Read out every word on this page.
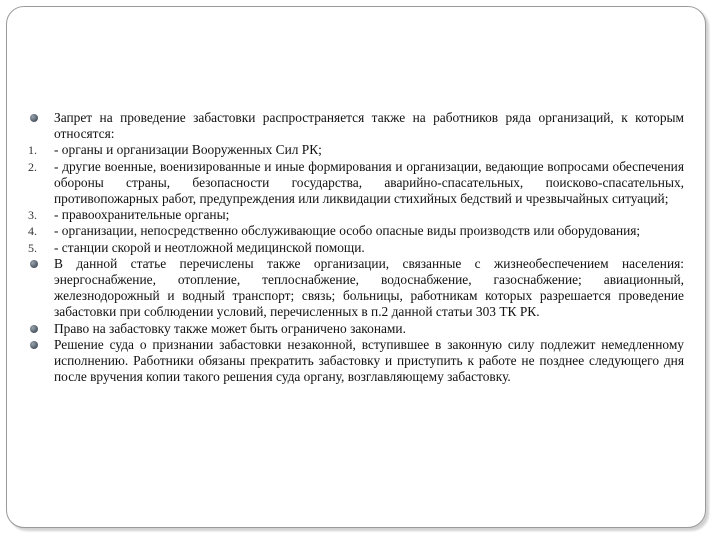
Запрет на проведение забастовки распространяется также на работников ряда организаций, к которым относятся:
1.	- органы и организации Вооруженных Сил РК;
2.	- другие военные, военизированные и иные формирования и организации, ведающие вопросами обеспечения обороны страны, безопасности государства, аварийно-спасательных, поисково-спасательных, противопожарных работ, предупреждения или ликвидации стихийных бедствий и чрезвычайных ситуаций;
3.	- правоохранительные органы;
4.	- организации, непосредственно обслуживающие особо опасные виды производств или оборудования;
5.	- станции скорой и неотложной медицинской помощи.
В данной статье перечислены также организации, связанные с жизнеобеспечением населения: энергоснабжение, отопление, теплоснабжение, водоснабжение, газоснабжение; авиационный, железнодорожный и водный транспорт; связь; больницы, работникам которых разрешается проведение забастовки при соблюдении условий, перечисленных в п.2 данной статьи 303 ТК РК.
Право на забастовку также может быть ограничено законами.
Решение суда о признании забастовки незаконной, вступившее в законную силу подлежит немедленному исполнению. Работники обязаны прекратить забастовку и приступить к работе не позднее следующего дня после вручения копии такого решения суда органу, возглавляющему забастовку.
